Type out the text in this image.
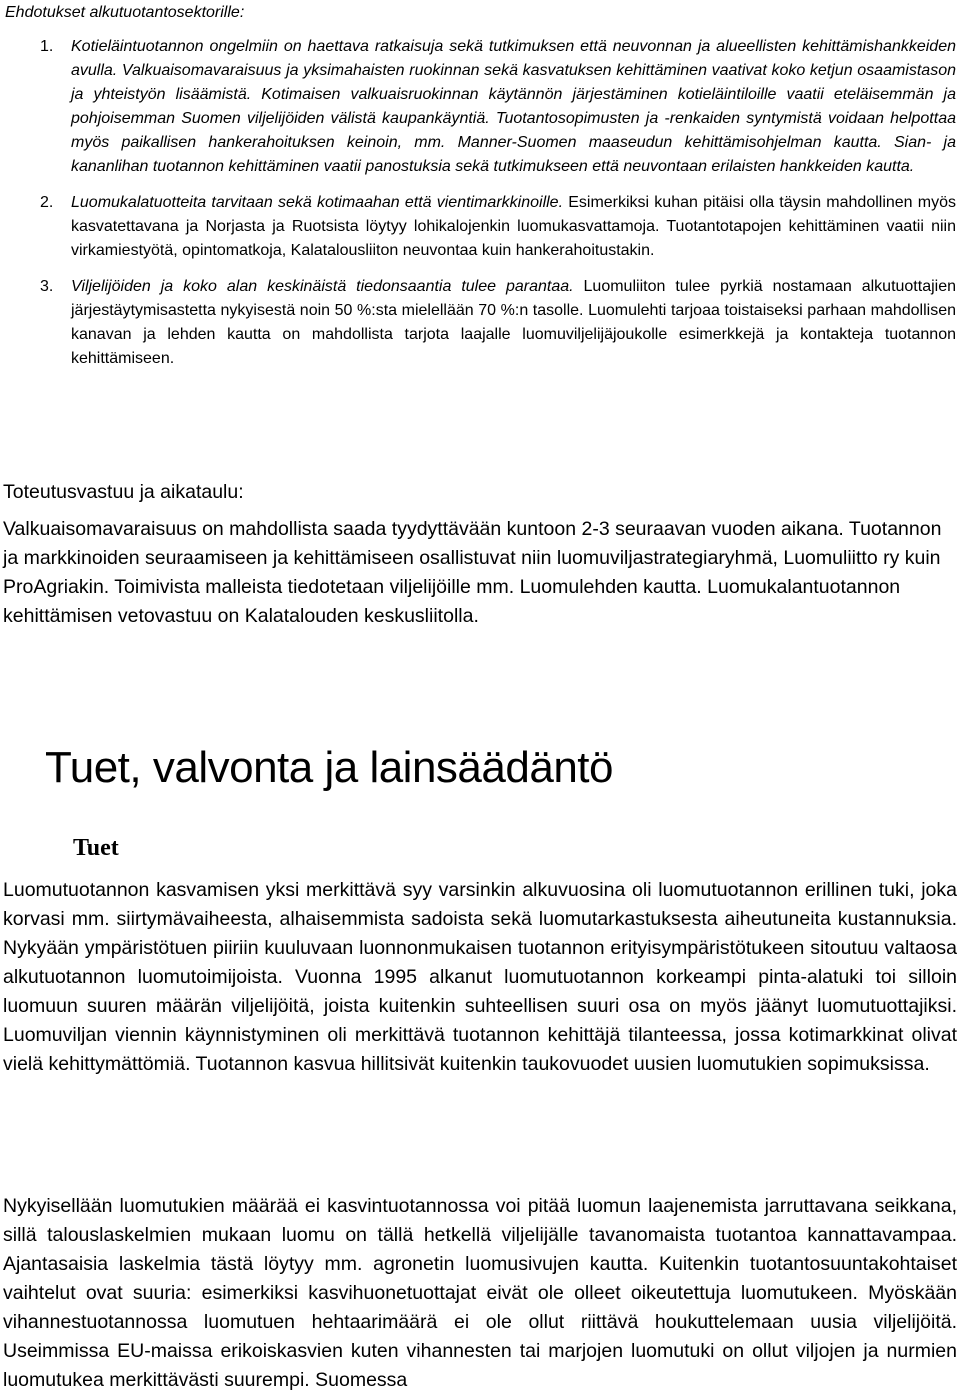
Ehdotukset alkutuotantosektorille:

1. Kotieläintuotannon ongelmiin on haettava ratkaisuja sekä tutkimuksen että neuvonnan ja alueellisten kehittämishankkeiden avulla. Valkuaisomavaraisuus ja yksimahaisten ruokinnan sekä kasvatuksen kehittäminen vaativat koko ketjun osaamistason ja yhteistyön lisäämistä. Kotimaisen valkuaisruokinnan käytännön järjestäminen kotieläintiloille vaatii eteläisemmän ja pohjoisemman Suomen viljelijöiden välistä kaupankäyntiä. Tuotantosopimusten ja -renkaiden syntymistä voidaan helpottaa myös paikallisen hankerahoituksen keinoin, mm. Manner-Suomen maaseudun kehittämisohjelman kautta. Sian- ja kananlihan tuotannon kehittäminen vaatii panostuksia sekä tutkimukseen että neuvontaan erilaisten hankkeiden kautta.
2. Luomukalatuotteita tarvitaan sekä kotimaahan että vientimarkkinoille. Esimerkiksi kuhan pitäisi olla täysin mahdollinen myös kasvatettavana ja Norjasta ja Ruotsista löytyy lohikalojenkin luomukasvattamoja. Tuotantotapojen kehittäminen vaatii niin virkamiestyötä, opintomatkoja, Kalatalousliiton neuvontaa kuin hankerahoitustakin.
3. Viljelijöiden ja koko alan keskinäistä tiedonsaantia tulee parantaa. Luomuliiton tulee pyrkiä nostamaan alkutuottajien järjestäytymisastetta nykyisestä noin 50 %:sta mielellään 70 %:n tasolle. Luomulehti tarjoaa toistaiseksi parhaan mahdollisen kanavan ja lehden kautta on mahdollista tarjota laajalle luomuviljelijäjoukolle esimerkkejä ja kontakteja tuotannon kehittämiseen.
Toteutusvastuu ja aikataulu:

Valkuaisomavaraisuus on mahdollista saada tyydyttävään kuntoon 2-3 seuraavan vuoden aikana. Tuotannon ja markkinoiden seuraamiseen ja kehittämiseen osallistuvat niin luomuviljastrategiaryhmä, Luomuliitto ry kuin ProAgriakin. Toimivista malleista tiedotetaan viljelijöille mm. Luomulehden kautta. Luomukalantuotannon kehittämisen vetovastuu on Kalatalouden keskusliitolla.

Tuet, valvonta ja lainsäädäntö
Tuet

Luomutuotannon kasvamisen yksi merkittävä syy varsinkin alkuvuosina oli luomutuotannon erillinen tuki, joka korvasi mm. siirtymävaiheesta, alhaisemmista sadoista sekä luomutarkastuksesta aiheutuneita kustannuksia. Nykyään ympäristötuen piiriin kuuluvaan luonnonmukaisen tuotannon erityisympäristötukeen sitoutuu valtaosa alkutuotannon luomutoimijoista. Vuonna 1995 alkanut luomutuotannon korkeampi pinta-alatuki toi silloin luomuun suuren määrän viljelijöitä, joista kuitenkin suhteellisen suuri osa on myös jäänyt luomutuottajiksi. Luomuviljan viennin käynnistyminen oli merkittävä tuotannon kehittäjä tilanteessa, jossa kotimarkkinat olivat vielä kehittymättömiä. Tuotannon kasvua hillitsivät kuitenkin taukovuodet uusien luomutukien sopimuksissa.

Nykyisellään luomutukien määrää ei kasvintuotannossa voi pitää luomun laajenemista jarruttavana seikkana, sillä talouslaskelmien mukaan luomu on tällä hetkellä viljelijälle tavanomaista tuotantoa kannattavampaa. Ajantasaisia laskelmia tästä löytyy mm. agronetin luomusivujen kautta. Kuitenkin tuotantosuuntakohtaiset vaihtelut ovat suuria: esimerkiksi kasvihuonetuottajat eivät ole olleet oikeutettuja luomutukeen. Myöskään vihannestuotannossa luomutuen hehtaarimäärä ei ole ollut riittävä houkuttelemaan uusia viljelijöitä. Useimmissa EU-maissa erikoiskasvien kuten vihannesten tai marjojen luomutuki on ollut viljojen ja nurmien luomutukea merkittävästi suurempi. Suomessa
